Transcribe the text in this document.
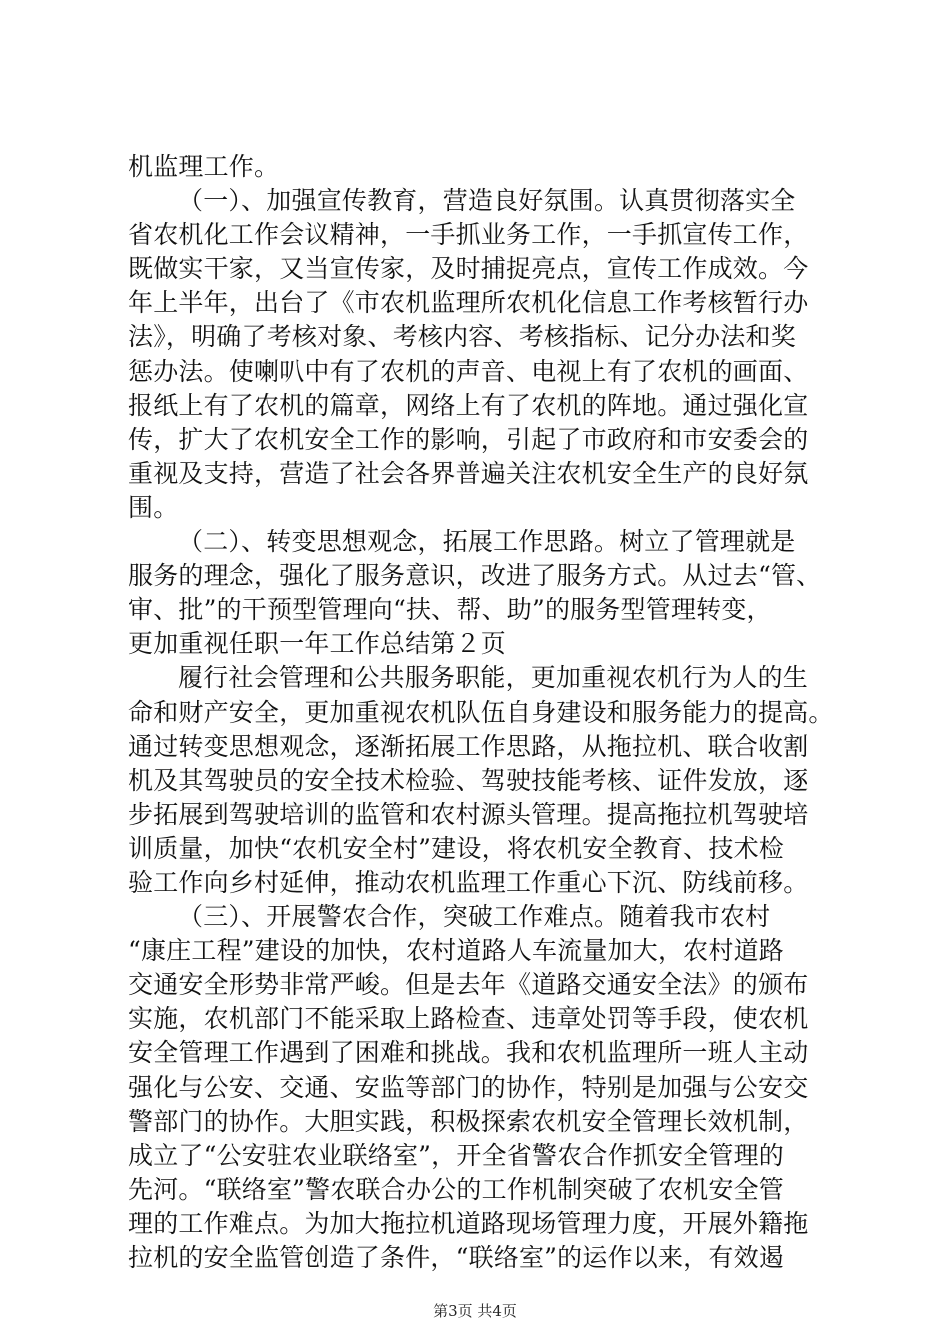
机监理工作。
（一）、加强宣传教育，营造良好氛围。认真贯彻落实全
省农机化工作会议精神，一手抓业务工作，一手抓宣传工作，
既做实干家，又当宣传家，及时捕捉亮点，宣传工作成效。今
年上半年，出台了《市农机监理所农机化信息工作考核暂行办
法》，明确了考核对象、考核内容、考核指标、记分办法和奖
惩办法。使喇叭中有了农机的声音、电视上有了农机的画面、
报纸上有了农机的篇章，网络上有了农机的阵地。通过强化宣
传，扩大了农机安全工作的影响，引起了市政府和市安委会的
重视及支持，营造了社会各界普遍关注农机安全生产的良好氛
围。
（二）、转变思想观念，拓展工作思路。树立了管理就是
服务的理念，强化了服务意识，改进了服务方式。从过去“管、
审、批”的干预型管理向“扶、帮、助”的服务型管理转变，
更加重视任职一年工作总结第２页
履行社会管理和公共服务职能，更加重视农机行为人的生
命和财产安全，更加重视农机队伍自身建设和服务能力的提高。
通过转变思想观念，逐渐拓展工作思路，从拖拉机、联合收割
机及其驾驶员的安全技术检验、驾驶技能考核、证件发放，逐
步拓展到驾驶培训的监管和农村源头管理。提高拖拉机驾驶培
训质量，加快“农机安全村”建设，将农机安全教育、技术检
验工作向乡村延伸，推动农机监理工作重心下沉、防线前移。
（三）、开展警农合作，突破工作难点。随着我市农村
“康庄工程”建设的加快，农村道路人车流量加大，农村道路
交通安全形势非常严峻。但是去年《道路交通安全法》的颁布
实施，农机部门不能采取上路检查、违章处罚等手段，使农机
安全管理工作遇到了困难和挑战。我和农机监理所一班人主动
强化与公安、交通、安监等部门的协作，特别是加强与公安交
警部门的协作。大胆实践，积极探索农机安全管理长效机制，
成立了“公安驻农业联络室”，开全省警农合作抓安全管理的
先河。“联络室”警农联合办公的工作机制突破了农机安全管
理的工作难点。为加大拖拉机道路现场管理力度，开展外籍拖
拉机的安全监管创造了条件，“联络室”的运作以来，有效遏
第3页 共4页
